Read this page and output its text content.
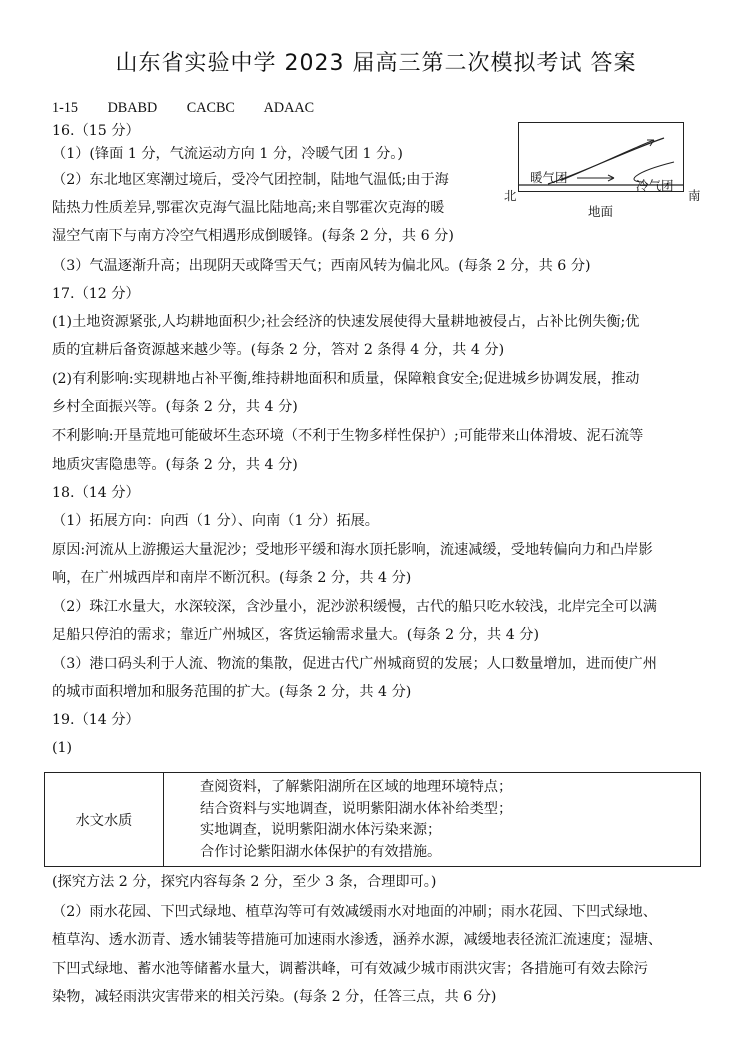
山东省实验中学 2023 届高三第二次模拟考试 答案
1-15 DBABD CACBC ADAAC
16.（15 分）
（1）(锋面 1 分，气流运动方向 1 分，冷暖气团 1 分。)
（2）东北地区寒潮过境后，受冷气团控制，陆地气温低;由于海
陆热力性质差异,鄂霍次克海气温比陆地高;来自鄂霍次克海的暖
湿空气南下与南方冷空气相遇形成倒暖锋。(每条 2 分，共 6 分)
（3）气温逐渐升高；出现阴天或降雪天气；西南风转为偏北风。(每条 2 分，共 6 分)
暖气团
冷气团
北	南
地面
17.（12 分）
(1)土地资源紧张,人均耕地面积少;社会经济的快速发展使得大量耕地被侵占，占补比例失衡;优
质的宜耕后备资源越来越少等。(每条 2 分，答对 2 条得 4 分，共 4 分)
(2)有利影响:实现耕地占补平衡,维持耕地面积和质量，保障粮食安全;促进城乡协调发展，推动
乡村全面振兴等。(每条 2 分，共 4 分)
不利影响:开垦荒地可能破坏生态环境（不利于生物多样性保护）;可能带来山体滑坡、泥石流等
地质灾害隐患等。(每条 2 分，共 4 分)
18.（14 分）
（1）拓展方向：向西（1 分）、向南（1 分）拓展。
原因:河流从上游搬运大量泥沙；受地形平缓和海水顶托影响，流速减缓，受地转偏向力和凸岸影
响，在广州城西岸和南岸不断沉积。(每条 2 分，共 4 分)
（2）珠江水量大，水深较深，含沙量小，泥沙淤积缓慢，古代的船只吃水较浅，北岸完全可以满
足船只停泊的需求；靠近广州城区，客货运输需求量大。(每条 2 分，共 4 分)
（3）港口码头利于人流、物流的集散，促进古代广州城商贸的发展；人口数量增加，进而使广州
的城市面积增加和服务范围的扩大。(每条 2 分，共 4 分)
19.（14 分）
(1)
水文水质
查阅资料，了解紫阳湖所在区域的地理环境特点；
结合资料与实地调查，说明紫阳湖水体补给类型；
实地调查，说明紫阳湖水体污染来源；
合作讨论紫阳湖水体保护的有效措施。
(探究方法 2 分，探究内容每条 2 分，至少 3 条，合理即可。)
（2）雨水花园、下凹式绿地、植草沟等可有效减缓雨水对地面的冲刷；雨水花园、下凹式绿地、
植草沟、透水沥青、透水铺装等措施可加速雨水渗透，涵养水源，减缓地表径流汇流速度；湿塘、
下凹式绿地、蓄水池等储蓄水量大，调蓄洪峰，可有效减少城市雨洪灾害；各措施可有效去除污
染物，减轻雨洪灾害带来的相关污染。(每条 2 分，任答三点，共 6 分)
